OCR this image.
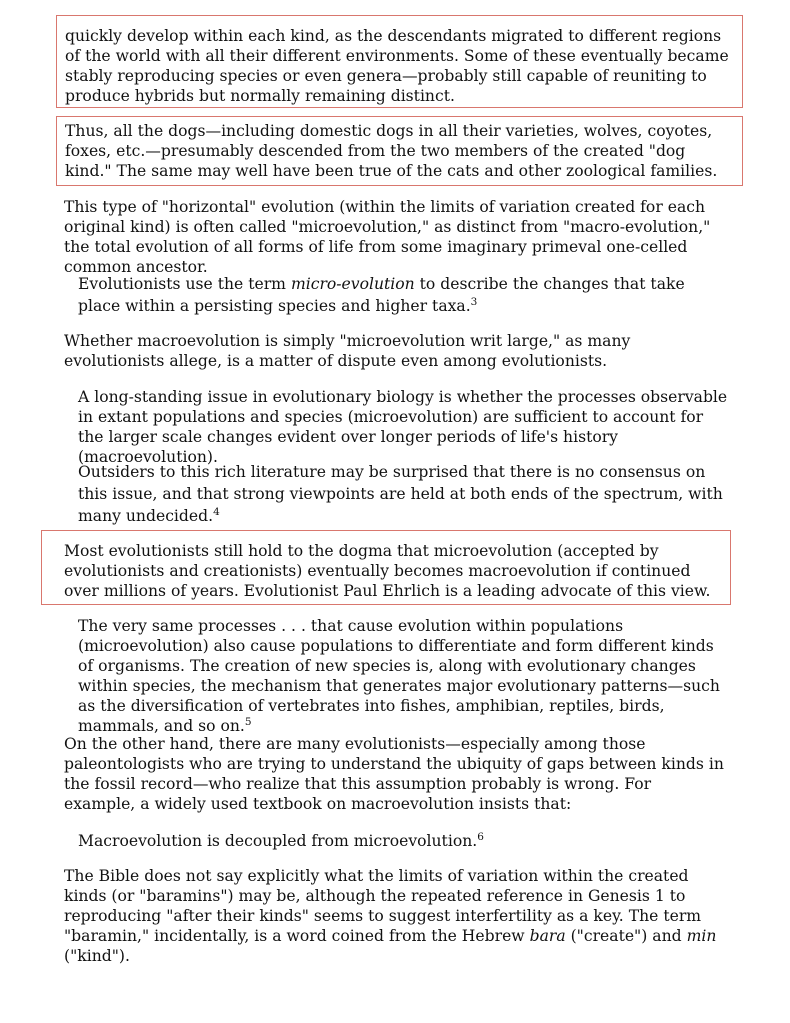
quickly develop within each kind, as the descendants migrated to different regions of the world with all their different environments. Some of these eventually became stably reproducing species or even genera—probably still capable of reuniting to produce hybrids but normally remaining distinct.

Thus, all the dogs—including domestic dogs in all their varieties, wolves, coyotes, foxes, etc.—presumably descended from the two members of the created "dog kind." The same may well have been true of the cats and other zoological families.

This type of "horizontal" evolution (within the limits of variation created for each original kind) is often called "microevolution," as distinct from "macro-evolution," the total evolution of all forms of life from some imaginary primeval one-celled common ancestor.

Evolutionists use the term micro-evolution to describe the changes that take place within a persisting species and higher taxa.$^3$

Whether macroevolution is simply "microevolution writ large," as many evolutionists allege, is a matter of dispute even among evolutionists.

A long-standing issue in evolutionary biology is whether the processes observable in extant populations and species (microevolution) are sufficient to account for the larger scale changes evident over longer periods of life's history (macroevolution).

Outsiders to this rich literature may be surprised that there is no consensus on this issue, and that strong viewpoints are held at both ends of the spectrum, with many undecided.$^4$

Most evolutionists still hold to the dogma that microevolution (accepted by evolutionists and creationists) eventually becomes macroevolution if continued over millions of years. Evolutionist Paul Ehrlich is a leading advocate of this view.

The very same processes . . . that cause evolution within populations (microevolution) also cause populations to differentiate and form different kinds of organisms. The creation of new species is, along with evolutionary changes within species, the mechanism that generates major evolutionary patterns—such as the diversification of vertebrates into fishes, amphibian, reptiles, birds, mammals, and so on.$^5$

On the other hand, there are many evolutionists—especially among those paleontologists who are trying to understand the ubiquity of gaps between kinds in the fossil record—who realize that this assumption probably is wrong. For example, a widely used textbook on macroevolution insists that:

Macroevolution is decoupled from microevolution.$^6$

The Bible does not say explicitly what the limits of variation within the created kinds (or "baramins") may be, although the repeated reference in Genesis 1 to reproducing "after their kinds" seems to suggest interfertility as a key. The term "baramin," incidentally, is a word coined from the Hebrew bara ("create") and min ("kind").
